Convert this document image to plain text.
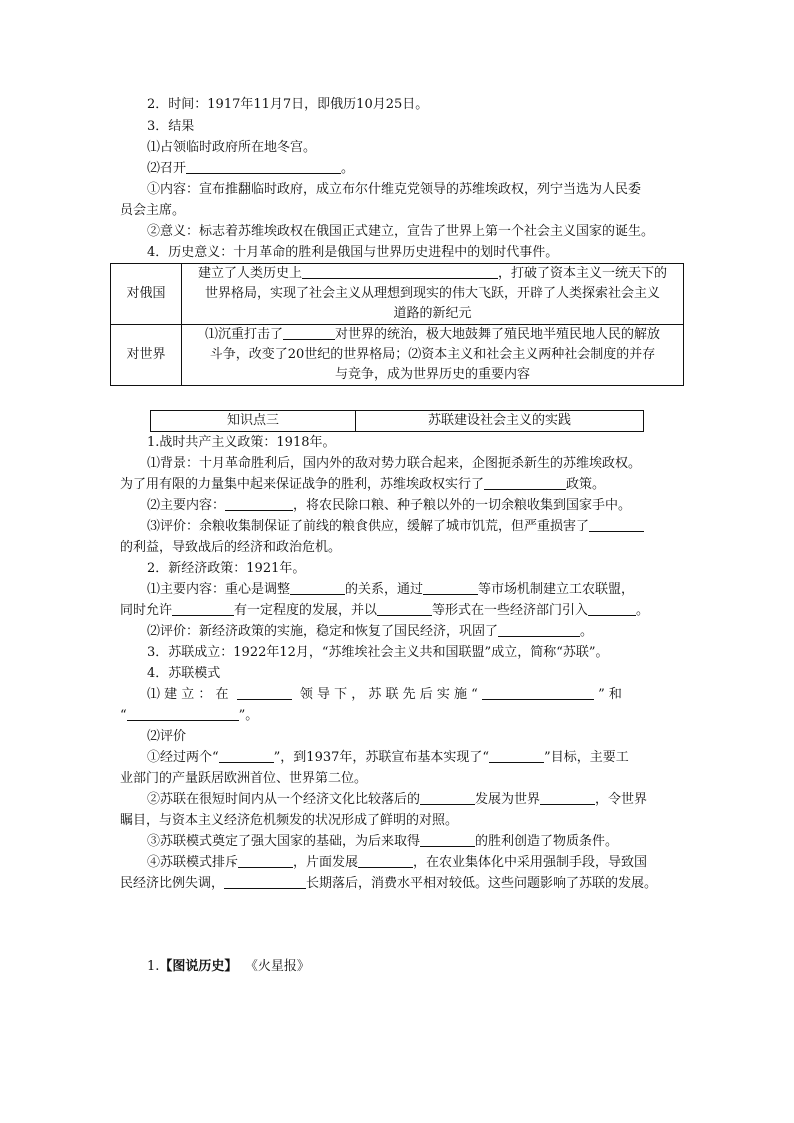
2．时间：1917年11月7日，即俄历10月25日。
3．结果
⑴占领临时政府所在地冬宫。
⑵召开	。
①内容：宣布推翻临时政府，成立布尔什维克党领导的苏维埃政权，列宁当选为人民委
员会主席。
②意义：标志着苏维埃政权在俄国正式建立，宣告了世界上第一个社会主义国家的诞生。
4．历史意义：十月革命的胜利是俄国与世界历史进程中的划时代事件。
对俄国	建立了人类历史上 ，打破了资本主义一统天下的
世界格局，实现了社会主义从理想到现实的伟大飞跃，开辟了人类探索社会主义
道路的新纪元

对世界	⑴沉重打击了 对世界的统治，极大地鼓舞了殖民地半殖民地人民的解放
斗争，改变了20世纪的世界格局；⑵资本主义和社会主义两种社会制度的并存
与竞争，成为世界历史的重要内容
知识点三	苏联建设社会主义的实践
1.战时共产主义政策：1918年。
⑴背景：十月革命胜利后，国内外的敌对势力联合起来，企图扼杀新生的苏维埃政权。
为了用有限的力量集中起来保证战争的胜利，苏维埃政权实行了	政策。
⑵主要内容：	，将农民除口粮、种子粮以外的一切余粮收集到国家手中。
⑶评价：余粮收集制保证了前线的粮食供应，缓解了城市饥荒，但严重损害了
的利益，导致战后的经济和政治危机。
2．新经济政策：1921年。
⑴主要内容：重心是调整	的关系，通过	等市场机制建立工农联盟，
同时允许	有一定程度的发展，并以	等形式在一些经济部门引入	。
⑵评价：新经济政策的实施，稳定和恢复了国民经济，巩固了	。
3．苏联成立：1922年12月，“苏维埃社会主义共和国联盟”成立，简称“苏联”。
4．苏联模式
⑴ 建 立 ： 在	领 导 下 ， 苏 联 先 后 实 施 “	” 和
“	”。
⑵评价
①经过两个“	”，到1937年，苏联宣布基本实现了“	”目标，主要工
业部门的产量跃居欧洲首位、世界第二位。
②苏联在很短时间内从一个经济文化比较落后的	发展为世界	，令世界
瞩目，与资本主义经济危机频发的状况形成了鲜明的对照。
③苏联模式奠定了强大国家的基础，为后来取得	的胜利创造了物质条件。
④苏联模式排斥	，片面发展	，在农业集体化中采用强制手段，导致国
民经济比例失调，	长期落后，消费水平相对较低。这些问题影响了苏联的发展。
1.【图说历史】 《火星报》
